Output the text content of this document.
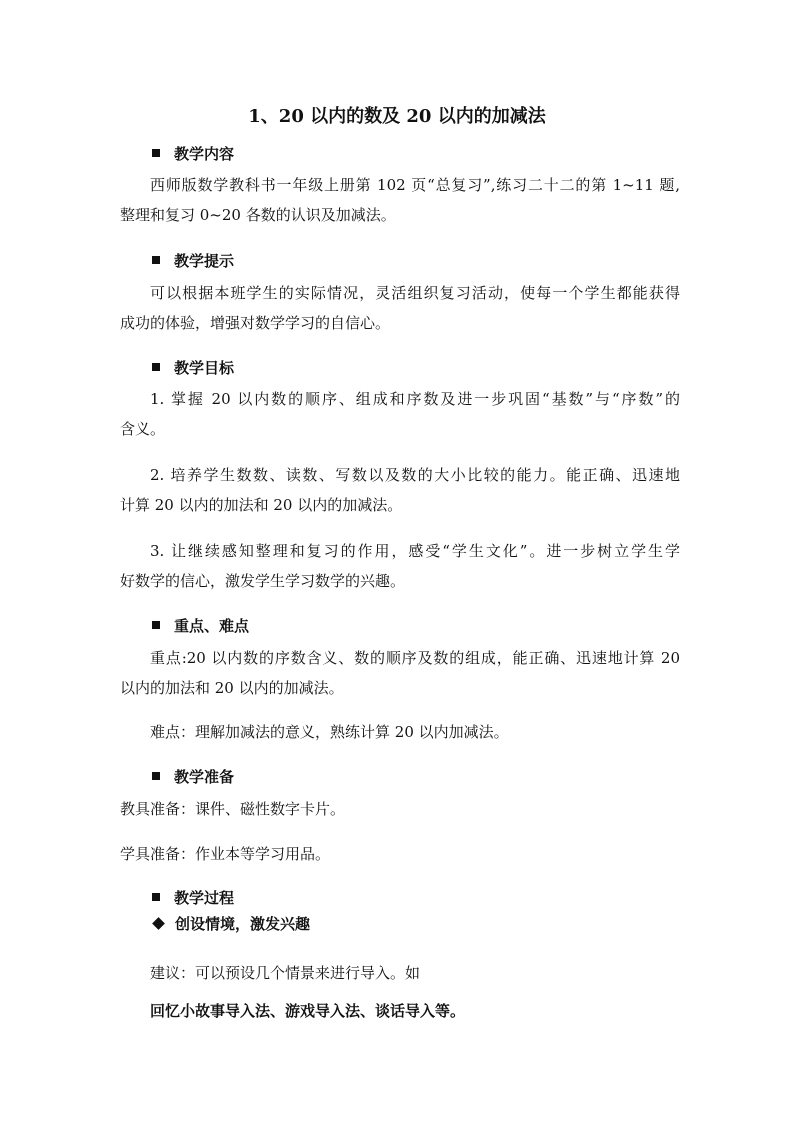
1、20 以内的数及 20 以内的加减法
教学内容
西师版数学教科书一年级上册第 102 页“总复习”,练习二十二的第 1~11 题,
整理和复习 0~20 各数的认识及加减法。
教学提示
可以根据本班学生的实际情况，灵活组织复习活动，使每一个学生都能获得
成功的体验，增强对数学学习的自信心。
教学目标
1. 掌握 20 以内数的顺序、组成和序数及进一步巩固“基数”与“序数”的
含义。
2. 培养学生数数、读数、写数以及数的大小比较的能力。能正确、迅速地
计算 20 以内的加法和 20 以内的加减法。
3. 让继续感知整理和复习的作用，感受“学生文化”。进一步树立学生学
好数学的信心，激发学生学习数学的兴趣。
重点、难点
重点:20 以内数的序数含义、数的顺序及数的组成，能正确、迅速地计算 20
以内的加法和 20 以内的加减法。
难点：理解加减法的意义，熟练计算 20 以内加减法。
教学准备
教具准备：课件、磁性数字卡片。
学具准备：作业本等学习用品。
教学过程
创设情境，激发兴趣
建议：可以预设几个情景来进行导入。如
回忆小故事导入法、游戏导入法、谈话导入等。
